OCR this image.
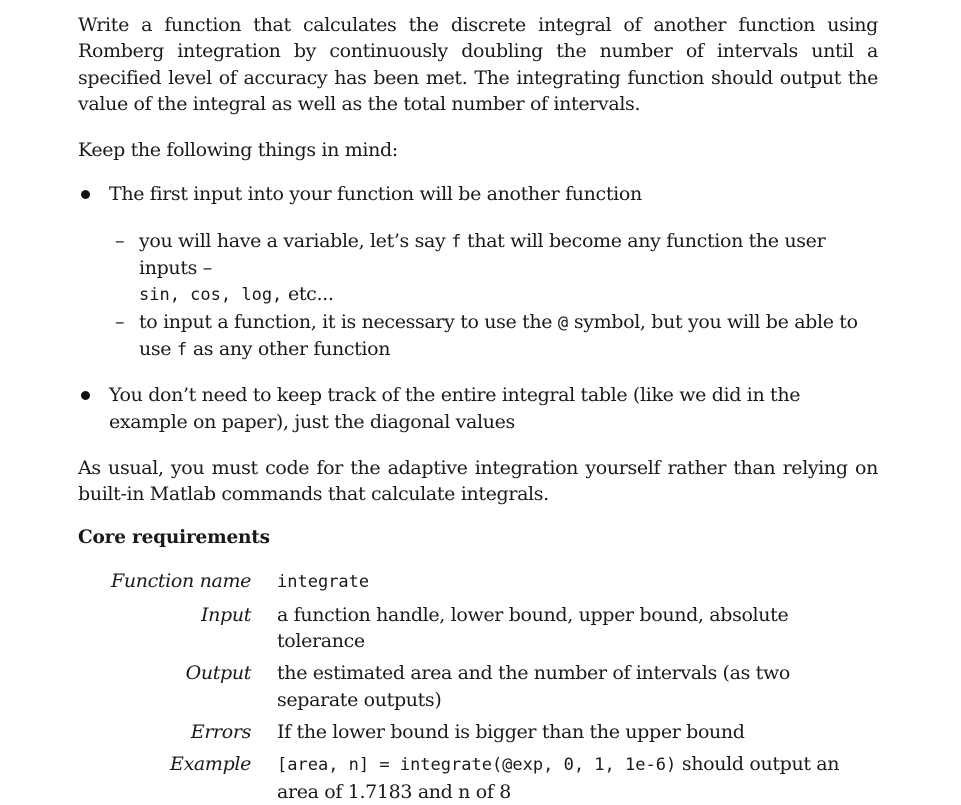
Write a function that calculates the discrete integral of another function using Romberg integration by continuously doubling the number of intervals until a specified level of accuracy has been met. The integrating function should output the value of the integral as well as the total number of intervals.

Keep the following things in mind:

The first input into your function will be another function
– you will have a variable, let’s say f that will become any function the user inputs –
sin, cos, log, etc...
– to input a function, it is necessary to use the @ symbol, but you will be able to use f as any other function
You don’t need to keep track of the entire integral table (like we did in the example on paper), just the diagonal values

As usual, you must code for the adaptive integration yourself rather than relying on built-in Matlab commands that calculate integrals.

Core requirements

Function name	integrate
Input	a function handle, lower bound, upper bound, absolute tolerance
Output	the estimated area and the number of intervals (as two separate outputs)
Errors	If the lower bound is bigger than the upper bound
Example	[area, n] = integrate(@exp, 0, 1, 1e-6) should output an area of 1.7183 and n of 8
